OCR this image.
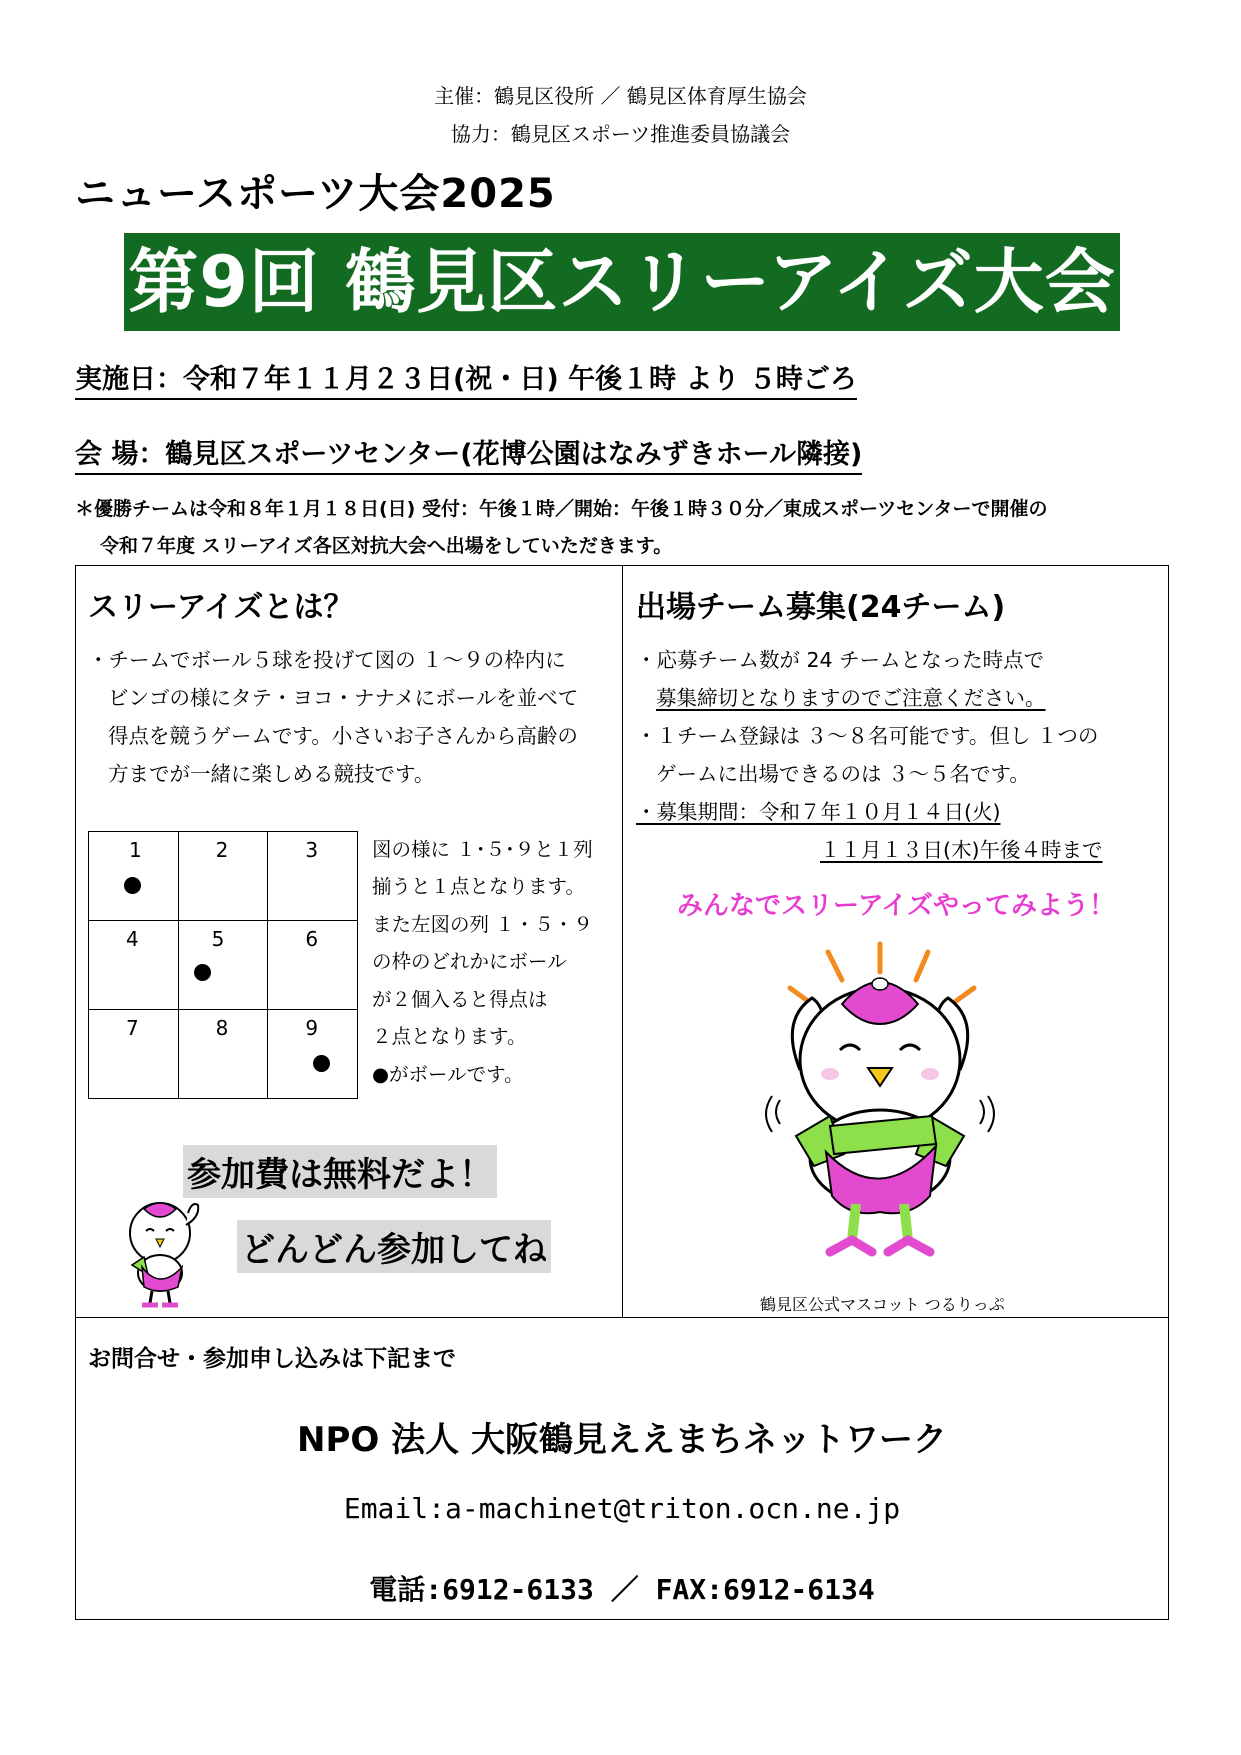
主催：鶴見区役所 ／ 鶴見区体育厚生協会
協力：鶴見区スポーツ推進委員協議会
ニュースポーツ大会2025
第9回 鶴見区スリーアイズ大会
実施日：令和７年１１月２３日(祝・日) 午後１時 より ５時ごろ
会 場：鶴見区スポーツセンター(花博公園はなみずきホール隣接)
＊優勝チームは令和８年１月１８日(日) 受付：午後１時／開始：午後１時３０分／東成スポーツセンターで開催の
令和７年度 スリーアイズ各区対抗大会へ出場をしていただきます。
スリーアイズとは？
・チームでボール５球を投げて図の １～９の枠内に
ビンゴの様にタテ・ヨコ・ナナメにボールを並べて
得点を競うゲームです。小さいお子さんから高齢の
方までが一緒に楽しめる競技です。
1	2	3

4	5	6

7	8	9
図の様に １･５･９と１列
揃うと１点となります。
また左図の列 １・５・９
の枠のどれかにボール
が２個入ると得点は
２点となります。
●がボールです。
参加費は無料だよ！
どんどん参加してね
出場チーム募集(24チーム)
・応募チーム数が 24 チームとなった時点で
募集締切となりますのでご注意ください。
・１チーム登録は ３～８名可能です。但し １つの
ゲームに出場できるのは ３～５名です。
・募集期間：令和７年１０月１４日(火)
１１月１３日(木)午後４時まで
みんなでスリーアイズやってみよう！
鶴見区公式マスコット つるりっぷ
お問合せ・参加申し込みは下記まで
NPO 法人 大阪鶴見ええまちネットワーク
Email:a-machinet@triton.ocn.ne.jp
電話:6912-6133 ／ FAX:6912-6134
